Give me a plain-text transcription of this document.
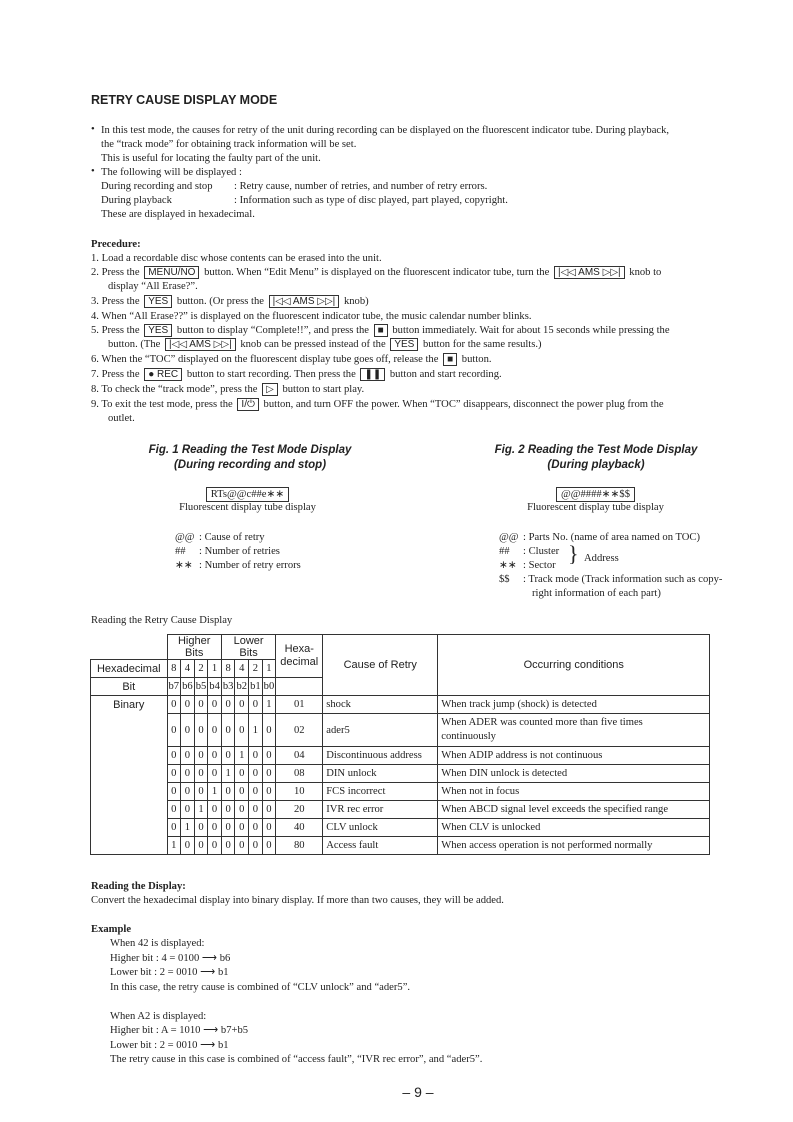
RETRY CAUSE DISPLAY MODE
• In this test mode, the causes for retry of the unit during recording can be displayed on the fluorescent indicator tube. During playback,
the “track mode” for obtaining track information will be set.
This is useful for locating the faulty part of the unit.
• The following will be displayed :
During recording and stop : Retry cause, number of retries, and number of retry errors.
During playback	: Information such as type of disc played, part played, copyright.
These are displayed in hexadecimal.
Precedure:
1. Load a recordable disc whose contents can be erased into the unit.
2. Press the MENU/NO button. When “Edit Menu” is displayed on the fluorescent indicator tube, turn the |◁◁ AMS ▷▷| knob to
display “All Erase?”.
3. Press the YES button. (Or press the |◁◁ AMS ▷▷| knob)
4. When “All Erase??” is displayed on the fluorescent indicator tube, the music calendar number blinks.
5. Press the YES button to display “Complete!!”, and press the ■ button immediately. Wait for about 15 seconds while pressing the
button. (The |◁◁ AMS ▷▷| knob can be pressed instead of the YES button for the same results.)
6. When the “TOC” displayed on the fluorescent display tube goes off, release the ■ button.
7. Press the ● REC button to start recording. Then press the ❚❚ button and start recording.
8. To check the “track mode”, press the ▷ button to start play.
9. To exit the test mode, press the I/⏻ button, and turn OFF the power. When “TOC” disappears, disconnect the power plug from the
outlet.
Fig. 1 Reading the Test Mode Display
(During recording and stop)
RTs@@c##e∗∗
Fluorescent display tube display
@@ : Cause of retry
## : Number of retries
∗∗ : Number of retry errors
Fig. 2 Reading the Test Mode Display
(During playback)
@@####∗∗$$
Fluorescent display tube display
@@ : Parts No. (name of area named on TOC)
## : Cluster
∗∗ : Sector
$$ : Track mode (Track information such as copy-
right information of each part)
} Address
Reading the Retry Cause Display
	Higher Bits				Lower Bits				Hexa-
decimal	Cause of Retry	Occurring conditions
Hexadecimal	8	4	2	1	8	4	2	1			
Bit	b7	b6	b5	b4	b3	b2	b1	b0			
Binary	0	0	0	0	0	0	0	1	01	shock	When track jump (shock) is detected

	0	0	0	0	0	0	1	0	02	ader5	When ADER was counted more than five times
continuously

	0	0	0	0	0	1	0	0	04	Discontinuous address	When ADIP address is not continuous

	0	0	0	0	1	0	0	0	08	DIN unlock	When DIN unlock is detected

	0	0	0	1	0	0	0	0	10	FCS incorrect	When not in focus

	0	0	1	0	0	0	0	0	20	IVR rec error	When ABCD signal level exceeds the specified range

	0	1	0	0	0	0	0	0	40	CLV unlock	When CLV is unlocked

	1	0	0	0	0	0	0	0	80	Access fault	When access operation is not performed normally
Reading the Display:
Convert the hexadecimal display into binary display. If more than two causes, they will be added.
Example
When 42 is displayed:
Higher bit : 4 = 0100 ⟶ b6
Lower bit : 2 = 0010 ⟶ b1
In this case, the retry cause is combined of “CLV unlock” and “ader5”.
When A2 is displayed:
Higher bit : A = 1010 ⟶ b7+b5
Lower bit : 2 = 0010 ⟶ b1
The retry cause in this case is combined of “access fault”, “IVR rec error”, and “ader5”.
– 9 –
